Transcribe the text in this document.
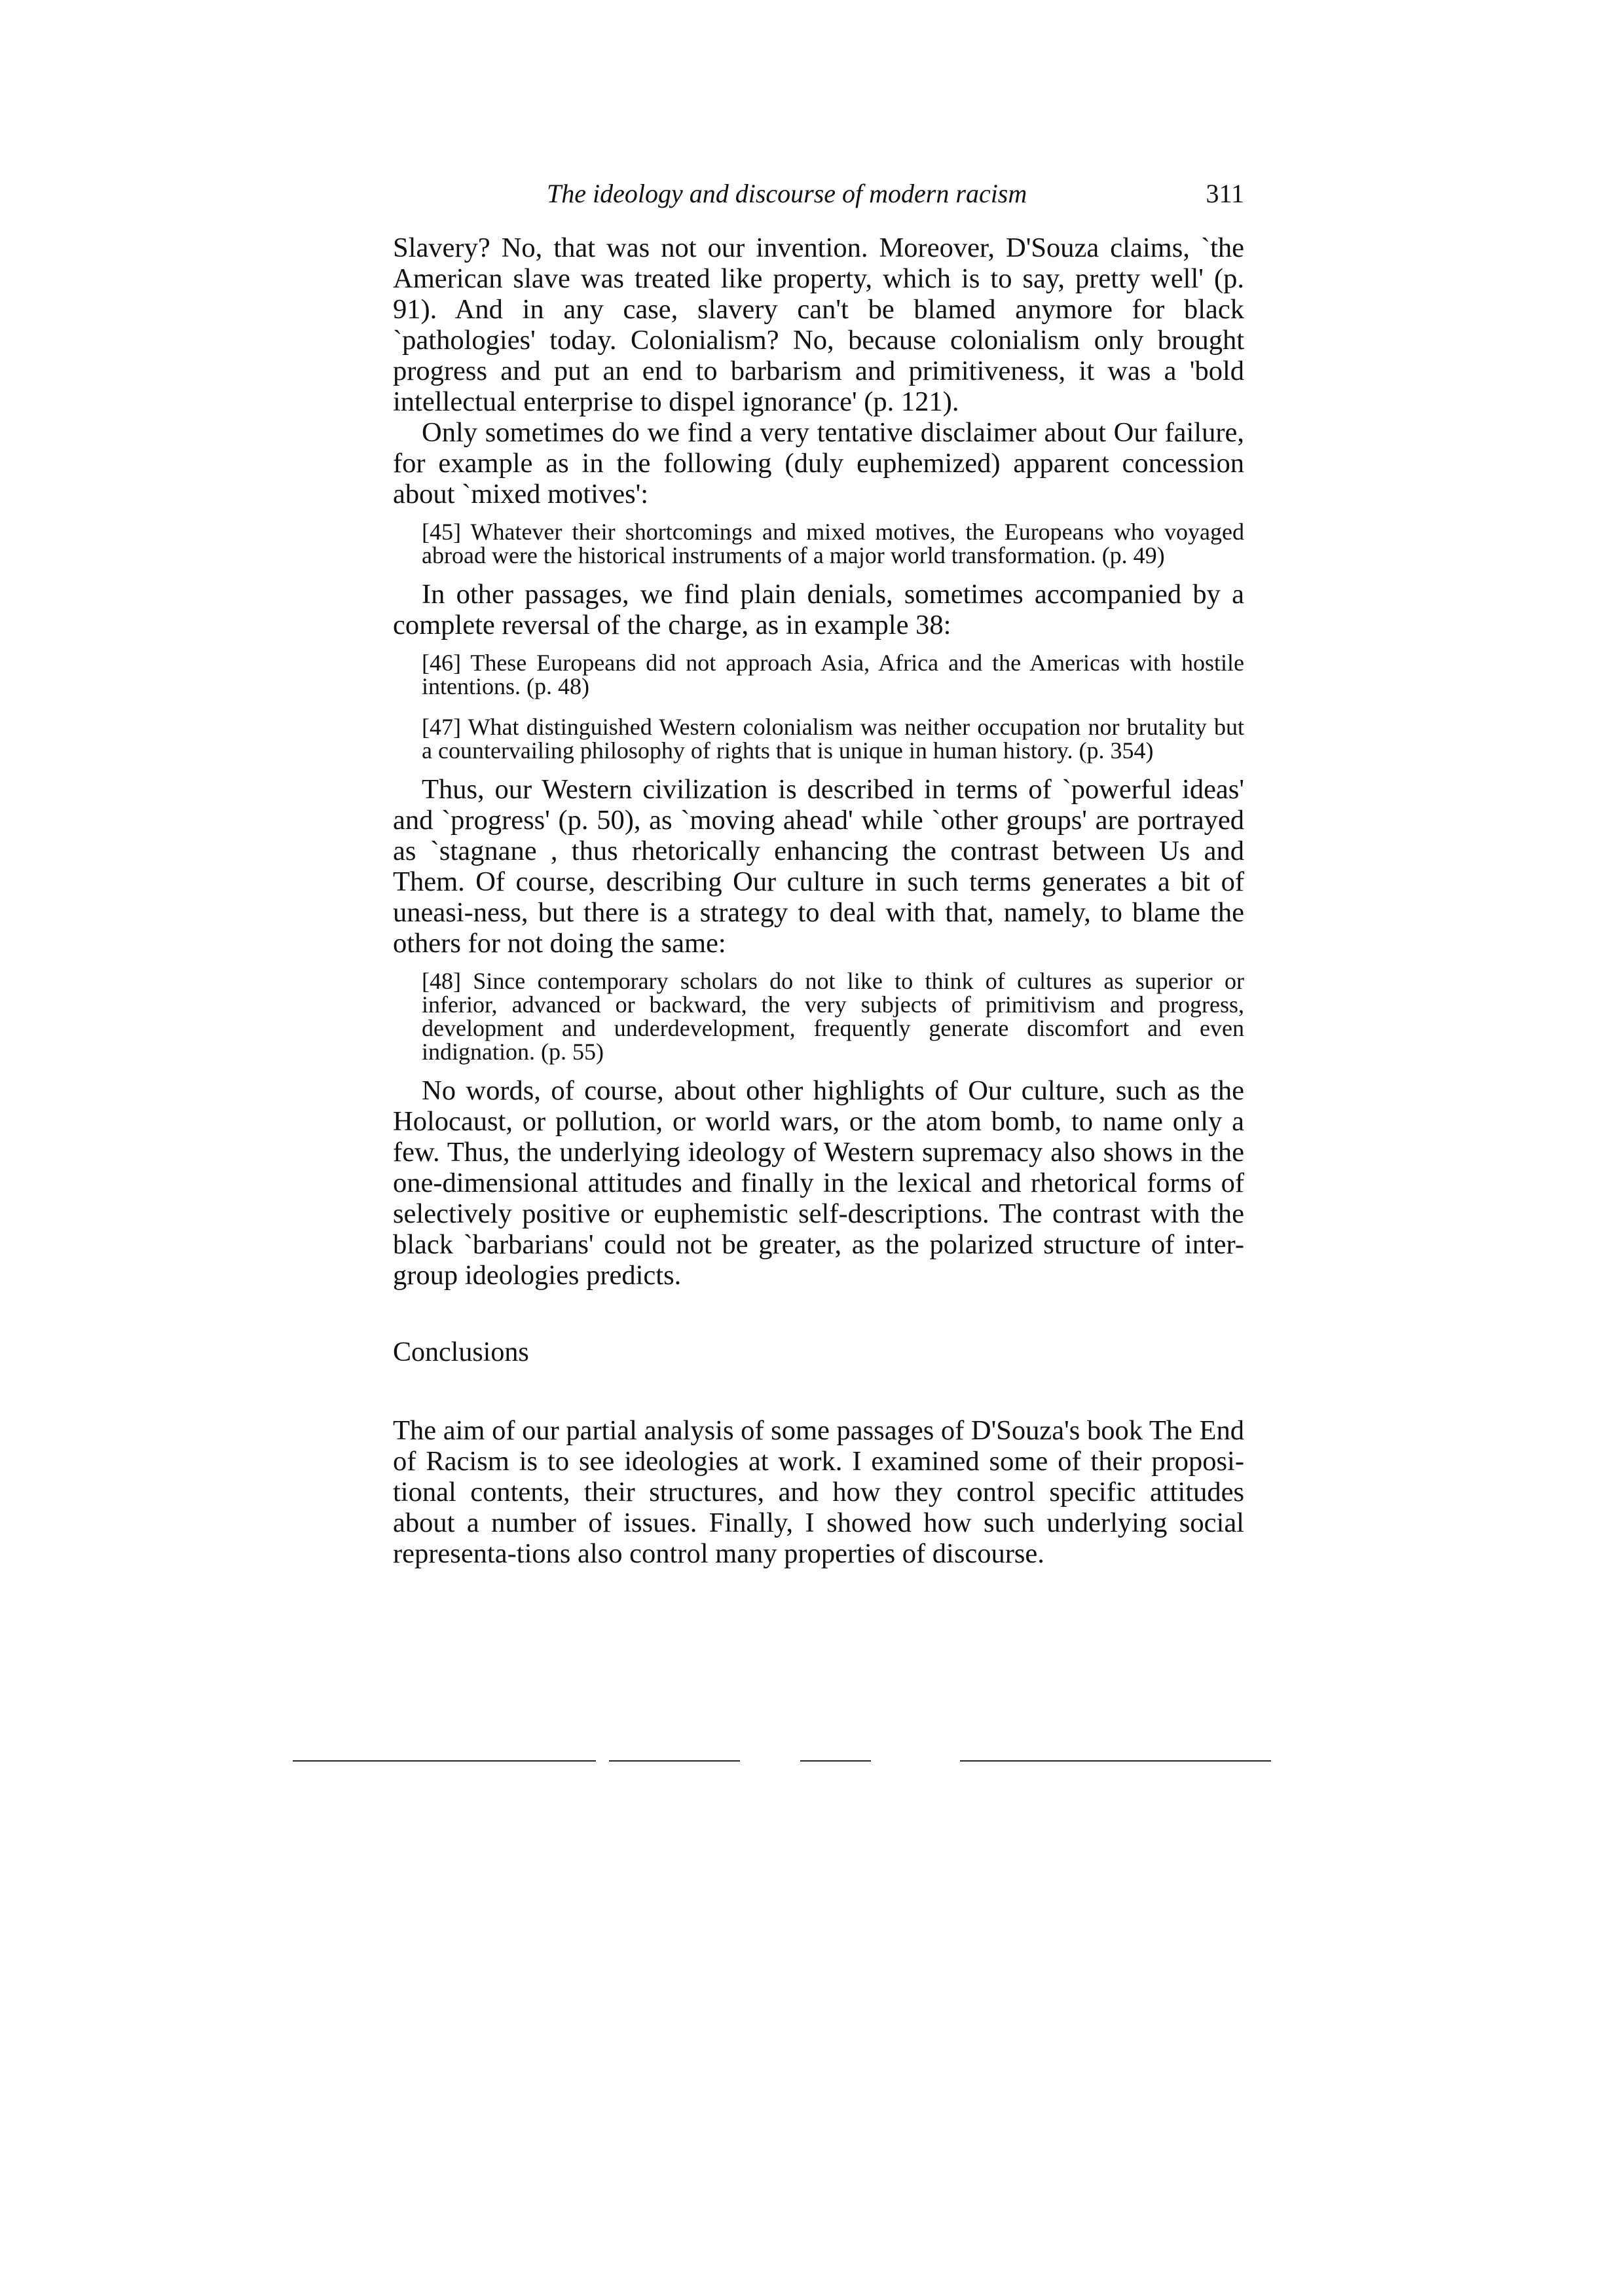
The ideology and discourse of modern racism	311

Slavery? No, that was not our invention. Moreover, D'Souza claims, `the American slave was treated like property, which is to say, pretty well' (p. 91). And in any case, slavery can't be blamed anymore for black `pathologies' today. Colonialism? No, because colonialism only brought progress and put an end to barbarism and primitiveness, it was a 'bold intellectual enterprise to dispel ignorance' (p. 121).

Only sometimes do we find a very tentative disclaimer about Our failure, for example as in the following (duly euphemized) apparent concession about `mixed motives':

[45] Whatever their shortcomings and mixed motives, the Europeans who voyaged abroad were the historical instruments of a major world transformation. (p. 49)

In other passages, we find plain denials, sometimes accompanied by a complete reversal of the charge, as in example 38:

[46] These Europeans did not approach Asia, Africa and the Americas with hostile intentions. (p. 48)

[47] What distinguished Western colonialism was neither occupation nor brutality but a countervailing philosophy of rights that is unique in human history. (p. 354)

Thus, our Western civilization is described in terms of `powerful ideas' and `progress' (p. 50), as `moving ahead' while `other groups' are portrayed as `stagnane , thus rhetorically enhancing the contrast between Us and Them. Of course, describing Our culture in such terms generates a bit of uneasi-ness, but there is a strategy to deal with that, namely, to blame the others for not doing the same:

[48] Since contemporary scholars do not like to think of cultures as superior or inferior, advanced or backward, the very subjects of primitivism and progress, development and underdevelopment, frequently generate discomfort and even indignation. (p. 55)

No words, of course, about other highlights of Our culture, such as the Holocaust, or pollution, or world wars, or the atom bomb, to name only a few. Thus, the underlying ideology of Western supremacy also shows in the one-dimensional attitudes and finally in the lexical and rhetorical forms of selectively positive or euphemistic self-descriptions. The contrast with the black `barbarians' could not be greater, as the polarized structure of inter-group ideologies predicts.

Conclusions

The aim of our partial analysis of some passages of D'Souza's book The End of Racism is to see ideologies at work. I examined some of their proposi-tional contents, their structures, and how they control specific attitudes about a number of issues. Finally, I showed how such underlying social representa-tions also control many properties of discourse.
